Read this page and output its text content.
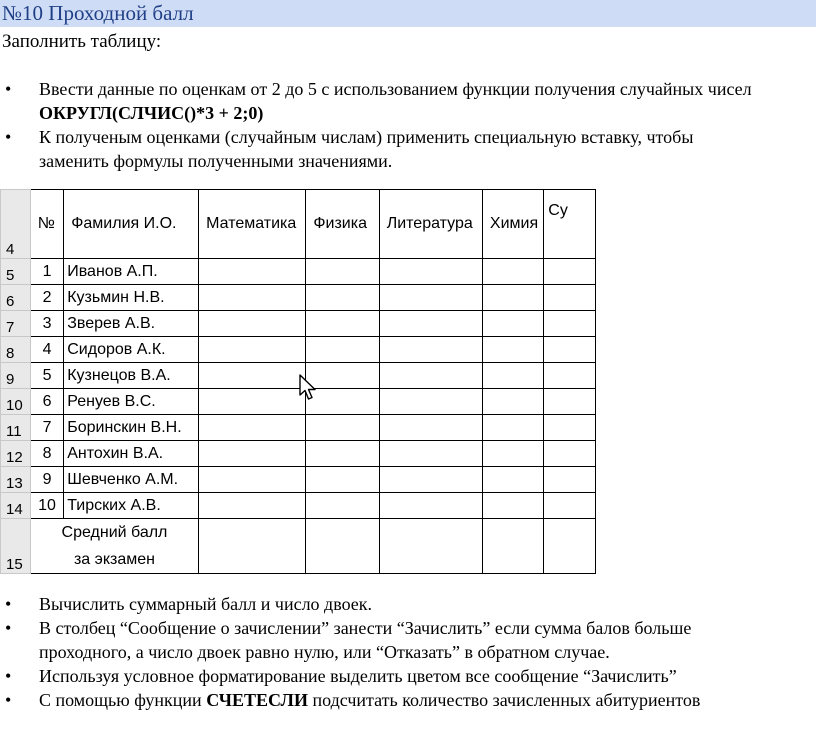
№10 Проходной балл
Заполнить таблицу:
• Ввести данные по оценкам от 2 до 5 с использованием функции получения случайных чисел ОКРУГЛ(СЛЧИС()*3 + 2;0)
• К полученым оценками (случайным числам) применить специальную вставку, чтобы заменить формулы полученными значениями.
4	№	Фамилия И.О.	Математика	Физика	Литература	Химия	Су
5	1	Иванов А.П.					
6	2	Кузьмин Н.В.					
7	3	Зверев А.В.					
8	4	Сидоров А.К.					
9	5	Кузнецов В.А.					
10	6	Ренуев В.С.					
11	7	Боринскин В.Н.					
12	8	Антохин В.А.					
13	9	Шевченко А.М.					
14	10	Тирских А.В.					
15	Средний балл
за экзамен						
• Вычислить суммарный балл и число двоек.
• В столбец “Сообщение о зачислении” занести “Зачислить” если сумма балов больше проходного, а число двоек равно нулю, или “Отказать” в обратном случае.
• Используя условное форматирование выделить цветом все сообщение “Зачислить”
• С помощью функции СЧЕТЕСЛИ подсчитать количество зачисленных абитуриентов
